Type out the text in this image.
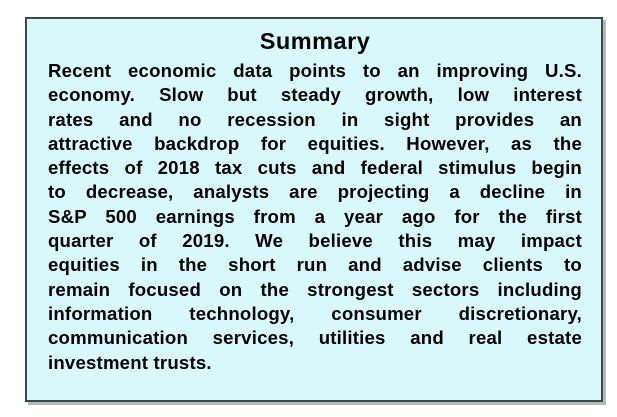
Summary
Recent economic data points to an improving U.S.
economy. Slow but steady growth, low interest
rates and no recession in sight provides an
attractive backdrop for equities. However, as the
effects of 2018 tax cuts and federal stimulus begin
to decrease, analysts are projecting a decline in
S&P 500 earnings from a year ago for the first
quarter of 2019. We believe this may impact
equities in the short run and advise clients to
remain focused on the strongest sectors including
information technology, consumer discretionary,
communication services, utilities and real estate
investment trusts.
